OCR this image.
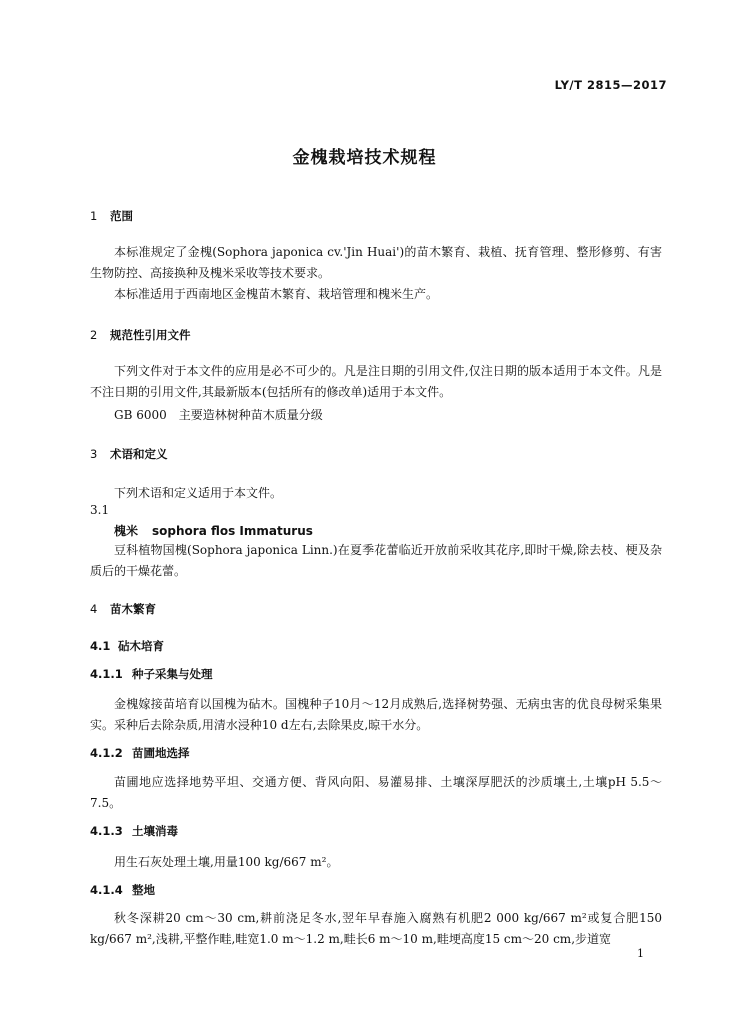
LY/T 2815—2017
金槐栽培技术规程
1 范围
本标准规定了金槐(Sophora japonica cv.'Jin Huai')的苗木繁育、栽植、抚育管理、整形修剪、有害生物防控、高接换种及槐米采收等技术要求。
本标准适用于西南地区金槐苗木繁育、栽培管理和槐米生产。
2 规范性引用文件
下列文件对于本文件的应用是必不可少的。凡是注日期的引用文件,仅注日期的版本适用于本文件。凡是不注日期的引用文件,其最新版本(包括所有的修改单)适用于本文件。
GB 6000　主要造林树种苗木质量分级
3 术语和定义
下列术语和定义适用于本文件。
3.1
槐米 sophora flos Immaturus
豆科植物国槐(Sophora japonica Linn.)在夏季花蕾临近开放前采收其花序,即时干燥,除去枝、梗及杂质后的干燥花蕾。
4 苗木繁育
4.1 砧木培育
4.1.1 种子采集与处理
金槐嫁接苗培育以国槐为砧木。国槐种子10月～12月成熟后,选择树势强、无病虫害的优良母树采集果实。采种后去除杂质,用清水浸种10 d左右,去除果皮,晾干水分。
4.1.2 苗圃地选择
苗圃地应选择地势平坦、交通方便、背风向阳、易灌易排、土壤深厚肥沃的沙质壤土,土壤pH 5.5～7.5。
4.1.3 土壤消毒
用生石灰处理土壤,用量100 kg/667 m²。
4.1.4 整地
秋冬深耕20 cm～30 cm,耕前浇足冬水,翌年早春施入腐熟有机肥2 000 kg/667 m²或复合肥150 kg/667 m²,浅耕,平整作畦,畦宽1.0 m～1.2 m,畦长6 m～10 m,畦埂高度15 cm～20 cm,步道宽
1
